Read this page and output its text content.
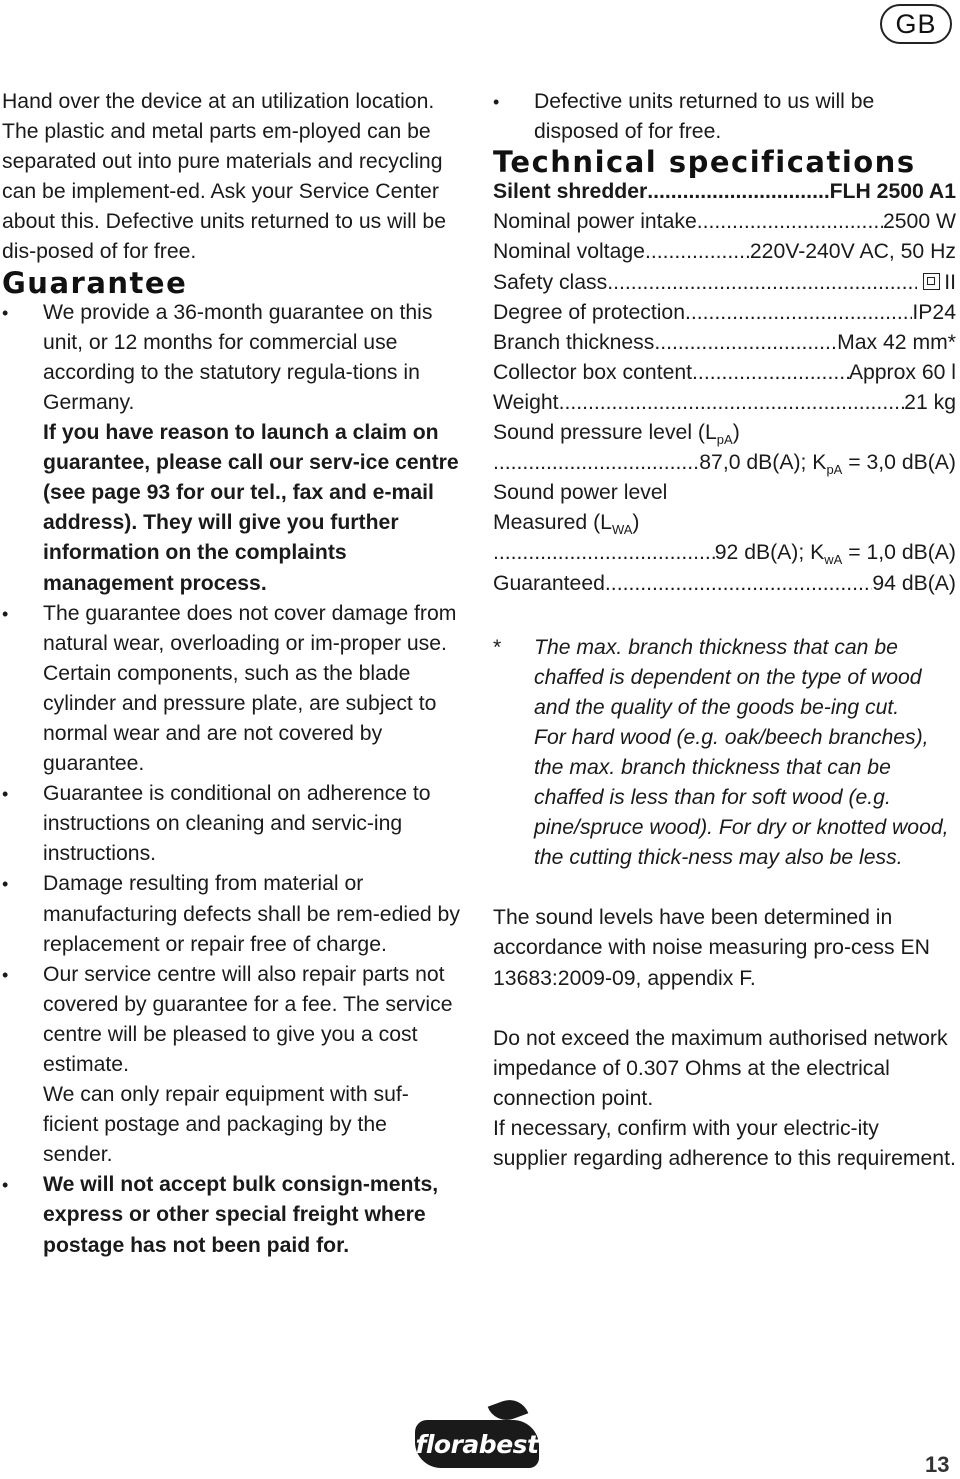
GB

Hand over the device at an utilization location. The plastic and metal parts em-ployed can be separated out into pure materials and recycling can be implement-ed. Ask your Service Center about this. Defective units returned to us will be dis-posed of for free.

Guarantee
• We provide a 36-month guarantee on this unit, or 12 months for commercial use according to the statutory regula-tions in Germany.
If you have reason to launch a claim on guarantee, please call our serv-ice centre (see page 93 for our tel., fax and e-mail address). They will give you further information on the complaints management process.
• The guarantee does not cover damage from natural wear, overloading or im-proper use. Certain components, such as the blade cylinder and pressure plate, are subject to normal wear and are not covered by guarantee.
• Guarantee is conditional on adherence to instructions on cleaning and servic-ing instructions.
• Damage resulting from material or manufacturing defects shall be rem-edied by replacement or repair free of charge.
• Our service centre will also repair parts not covered by guarantee for a fee. The service centre will be pleased to give you a cost estimate.
We can only repair equipment with suf-ficient postage and packaging by the sender.
• We will not accept bulk consign-ments, express or other special freight where postage has not been paid for.
• Defective units returned to us will be disposed of for free.
Technical specifications
Silent shredder .....	FLH 2500 A1
Nominal power intake .....	2500 W
Nominal voltage .....	220V-240V AC, 50 Hz
Safety class .....	II
Degree of protection .....	IP24
Branch thickness .....	Max 42 mm*
Collector box content .....	Approx 60 l
Weight .....	21 kg
Sound pressure level $(L_{pA})$
.....
87,0 dB(A); $K_{pA} = 3,0$ dB(A)
Sound power level
Measured $(L_{WA})$
.....
92 dB(A); $K_{wA} = 1,0$ dB(A)
Guaranteed .....	94 dB(A)
*	The max. branch thickness that can be chaffed is dependent on the type of wood and the quality of the goods be-ing cut.
For hard wood (e.g. oak/beech branches), the max. branch thickness that can be chaffed is less than for soft wood (e.g. pine/spruce wood). For dry or knotted wood, the cutting thick-ness may also be less.

The sound levels have been determined in accordance with noise measuring pro-cess EN 13683:2009-09, appendix F.

Do not exceed the maximum authorised network impedance of 0.307 Ohms at the electrical connection point.

If necessary, confirm with your electric-ity supplier regarding adherence to this requirement.

florabest
13
